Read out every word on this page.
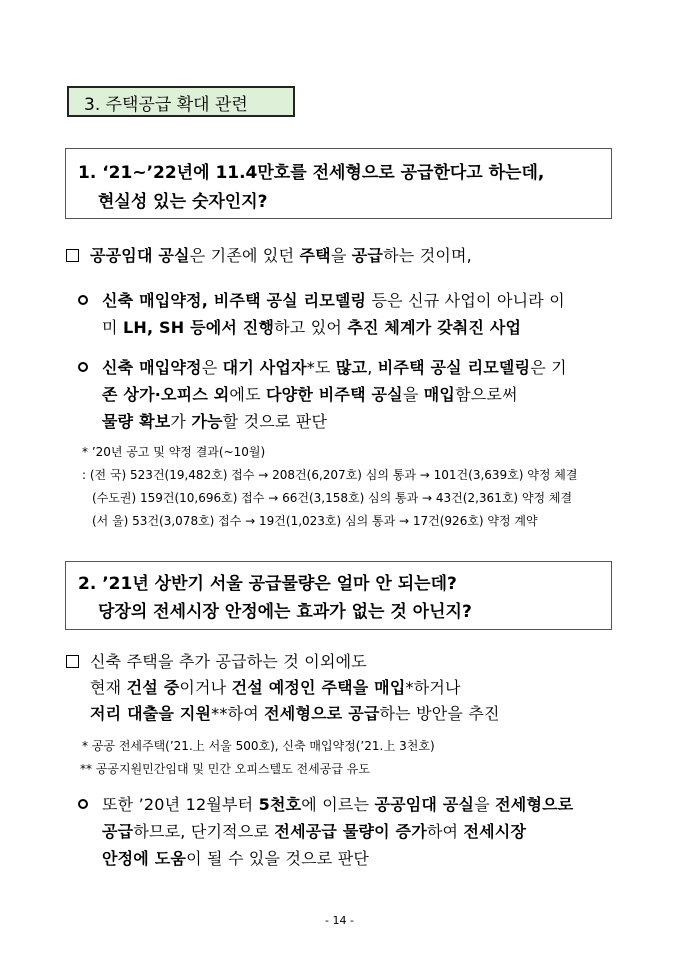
3. 주택공급 확대 관련
1. ‘21~’22년에 11.4만호를 전세형으로 공급한다고 하는데,
현실성 있는 숫자인지?
공공임대 공실은 기존에 있던 주택을 공급하는 것이며,
신축 매입약정, 비주택 공실 리모델링 등은 신규 사업이 아니라 이
미 LH, SH 등에서 진행하고 있어 추진 체계가 갖춰진 사업
신축 매입약정은 대기 사업자*도 많고, 비주택 공실 리모델링은 기
존 상가·오피스 외에도 다양한 비주택 공실을 매입함으로써
물량 확보가 가능할 것으로 판단
* ’20년 공고 및 약정 결과(~10월)
: (전 국) 523건(19,482호) 접수 → 208건(6,207호) 심의 통과 → 101건(3,639호) 약정 체결
(수도권) 159건(10,696호) 접수 → 66건(3,158호) 심의 통과 → 43건(2,361호) 약정 체결
(서 울) 53건(3,078호) 접수 → 19건(1,023호) 심의 통과 → 17건(926호) 약정 계약
2. ’21년 상반기 서울 공급물량은 얼마 안 되는데?
당장의 전세시장 안정에는 효과가 없는 것 아닌지?
신축 주택을 추가 공급하는 것 이외에도
현재 건설 중이거나 건설 예정인 주택을 매입*하거나
저리 대출을 지원**하여 전세형으로 공급하는 방안을 추진
* 공공 전세주택(’21.上 서울 500호), 신축 매입약정(’21.上 3천호)
** 공공지원민간임대 및 민간 오피스텔도 전세공급 유도
또한 ’20년 12월부터 5천호에 이르는 공공임대 공실을 전세형으로
공급하므로, 단기적으로 전세공급 물량이 증가하여 전세시장
안정에 도움이 될 수 있을 것으로 판단
- 14 -
